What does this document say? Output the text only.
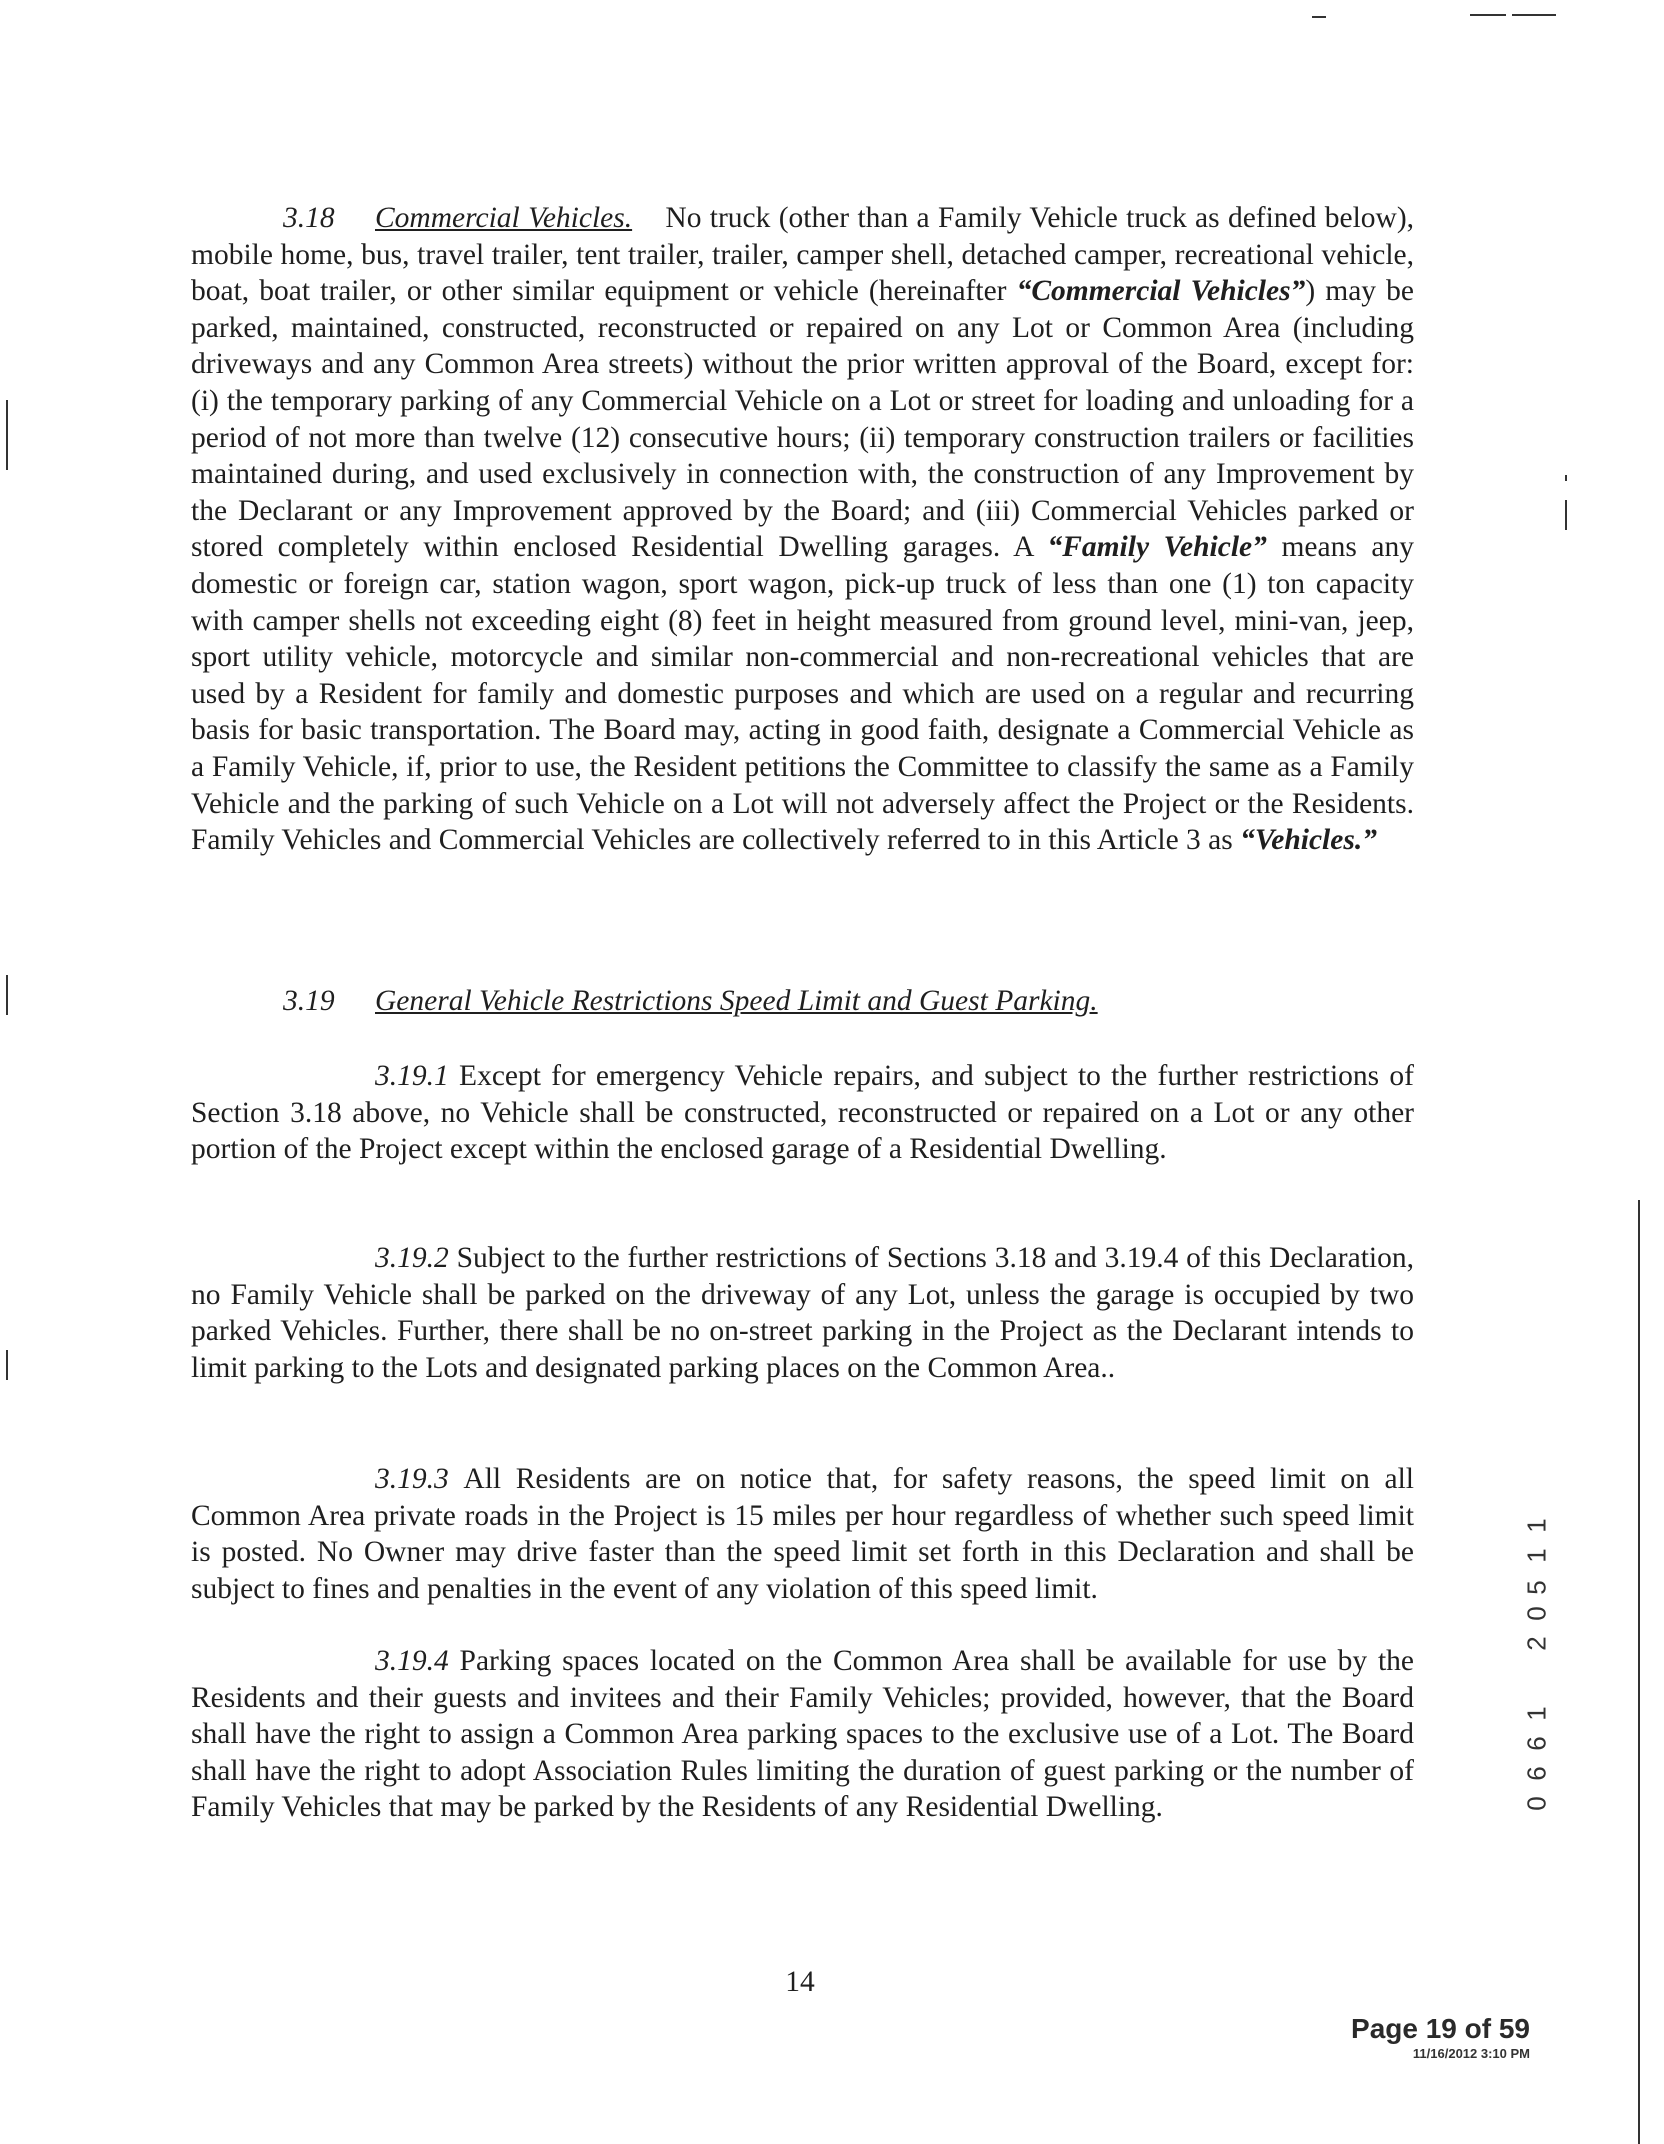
3.18 Commercial Vehicles. No truck (other than a Family Vehicle truck as defined below), mobile home, bus, travel trailer, tent trailer, trailer, camper shell, detached camper, recreational vehicle, boat, boat trailer, or other similar equipment or vehicle (hereinafter “Commercial Vehicles”) may be parked, maintained, constructed, reconstructed or repaired on any Lot or Common Area (including driveways and any Common Area streets) without the prior written approval of the Board, except for: (i) the temporary parking of any Commercial Vehicle on a Lot or street for loading and unloading for a period of not more than twelve (12) consecutive hours; (ii) temporary construction trailers or facilities maintained during, and used exclusively in connection with, the construction of any Improvement by the Declarant or any Improvement approved by the Board; and (iii) Commercial Vehicles parked or stored completely within enclosed Residential Dwelling garages. A “Family Vehicle” means any domestic or foreign car, station wagon, sport wagon, pick-up truck of less than one (1) ton capacity with camper shells not exceeding eight (8) feet in height measured from ground level, mini-van, jeep, sport utility vehicle, motorcycle and similar non-commercial and non-recreational vehicles that are used by a Resident for family and domestic purposes and which are used on a regular and recurring basis for basic transportation. The Board may, acting in good faith, designate a Commercial Vehicle as a Family Vehicle, if, prior to use, the Resident petitions the Committee to classify the same as a Family Vehicle and the parking of such Vehicle on a Lot will not adversely affect the Project or the Residents. Family Vehicles and Commercial Vehicles are collectively referred to in this Article 3 as “Vehicles.”
3.19 General Vehicle Restrictions Speed Limit and Guest Parking.
3.19.1 Except for emergency Vehicle repairs, and subject to the further restrictions of Section 3.18 above, no Vehicle shall be constructed, reconstructed or repaired on a Lot or any other portion of the Project except within the enclosed garage of a Residential Dwelling.
3.19.2 Subject to the further restrictions of Sections 3.18 and 3.19.4 of this Declaration, no Family Vehicle shall be parked on the driveway of any Lot, unless the garage is occupied by two parked Vehicles. Further, there shall be no on-street parking in the Project as the Declarant intends to limit parking to the Lots and designated parking places on the Common Area..
3.19.3 All Residents are on notice that, for safety reasons, the speed limit on all Common Area private roads in the Project is 15 miles per hour regardless of whether such speed limit is posted. No Owner may drive faster than the speed limit set forth in this Declaration and shall be subject to fines and penalties in the event of any violation of this speed limit.
3.19.4 Parking spaces located on the Common Area shall be available for use by the Residents and their guests and invitees and their Family Vehicles; provided, however, that the Board shall have the right to assign a Common Area parking spaces to the exclusive use of a Lot. The Board shall have the right to adopt Association Rules limiting the duration of guest parking or the number of Family Vehicles that may be parked by the Residents of any Residential Dwelling.
14
Page 19 of 59
11/16/2012 3:10 PM
1
1
5
0
2
1
6
6
0
